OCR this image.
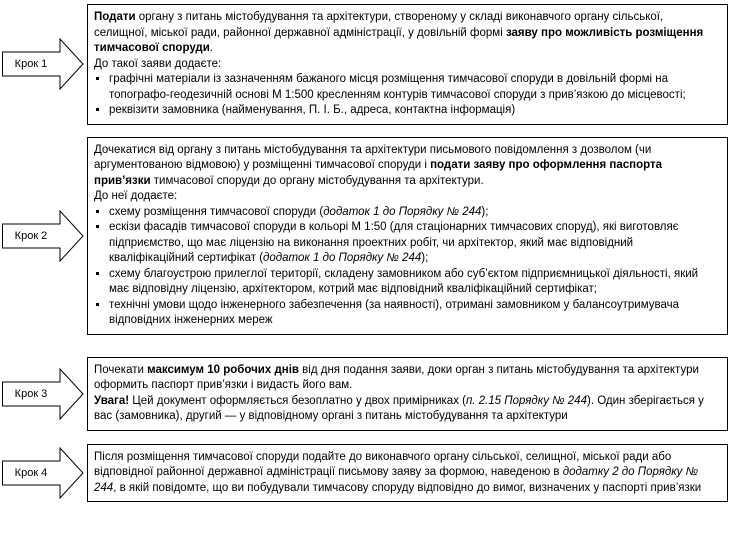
Крок 1

Подати органу з питань містобудування та архітектури, створеному у складі виконавчого органу сільської, селищної, міської ради, районної державної адміністрації, у довільній формі заяву про можливість розміщення тимчасової споруди.

До такої заяви додаєте:

▪ графічні матеріали із зазначенням бажаного місця розміщення тимчасової споруди в довільній формі на топографо-геодезичній основі М 1:500 кресленням контурів тимчасової споруди з прив’язкою до місцевості;
▪ реквізити замовника (найменування, П. І. Б., адреса, контактна інформація)
Крок 2

Дочекатися від органу з питань містобудування та архітектури письмового повідомлення з дозволом (чи аргументованою відмовою) у розміщенні тимчасової споруди і подати заяву про оформлення паспорта прив’язки тимчасової споруди до органу містобудування та архітектури.

До неї додаєте:

▪ схему розміщення тимчасової споруди (додаток 1 до Порядку № 244);
▪ ескізи фасадів тимчасової споруди в кольорі М 1:50 (для стаціонарних тимчасових споруд), які виготовляє підприємство, що має ліцензію на виконання проектних робіт, чи архітектор, який має відповідний кваліфікаційний сертифікат (додаток 1 до Порядку № 244);
▪ схему благоустрою прилеглої території, складену замовником або суб’єктом підприємницької діяльності, який має відповідну ліцензію, архітектором, котрий має відповідний кваліфікаційний сертифікат;
▪ технічні умови щодо інженерного забезпечення (за наявності), отримані замовником у балансоутримувача відповідних інженерних мереж
Крок 3

Почекати максимум 10 робочих днів від дня подання заяви, доки орган з питань містобудування та архітектури оформить паспорт прив’язки і видасть його вам.

Увага! Цей документ оформляється безоплатно у двох примірниках (п. 2.15 Порядку № 244). Один зберігається у вас (замовника), другий — у відповідному органі з питань містобудування та архітектури

Крок 4

Після розміщення тимчасової споруди подайте до виконавчого органу сільської, селищної, міської ради або відповідної районної державної адміністрації письмову заяву за формою, наведеною в додатку 2 до Порядку № 244, в якій повідомте, що ви побудували тимчасову споруду відповідно до вимог, визначених у паспорті прив’язки
